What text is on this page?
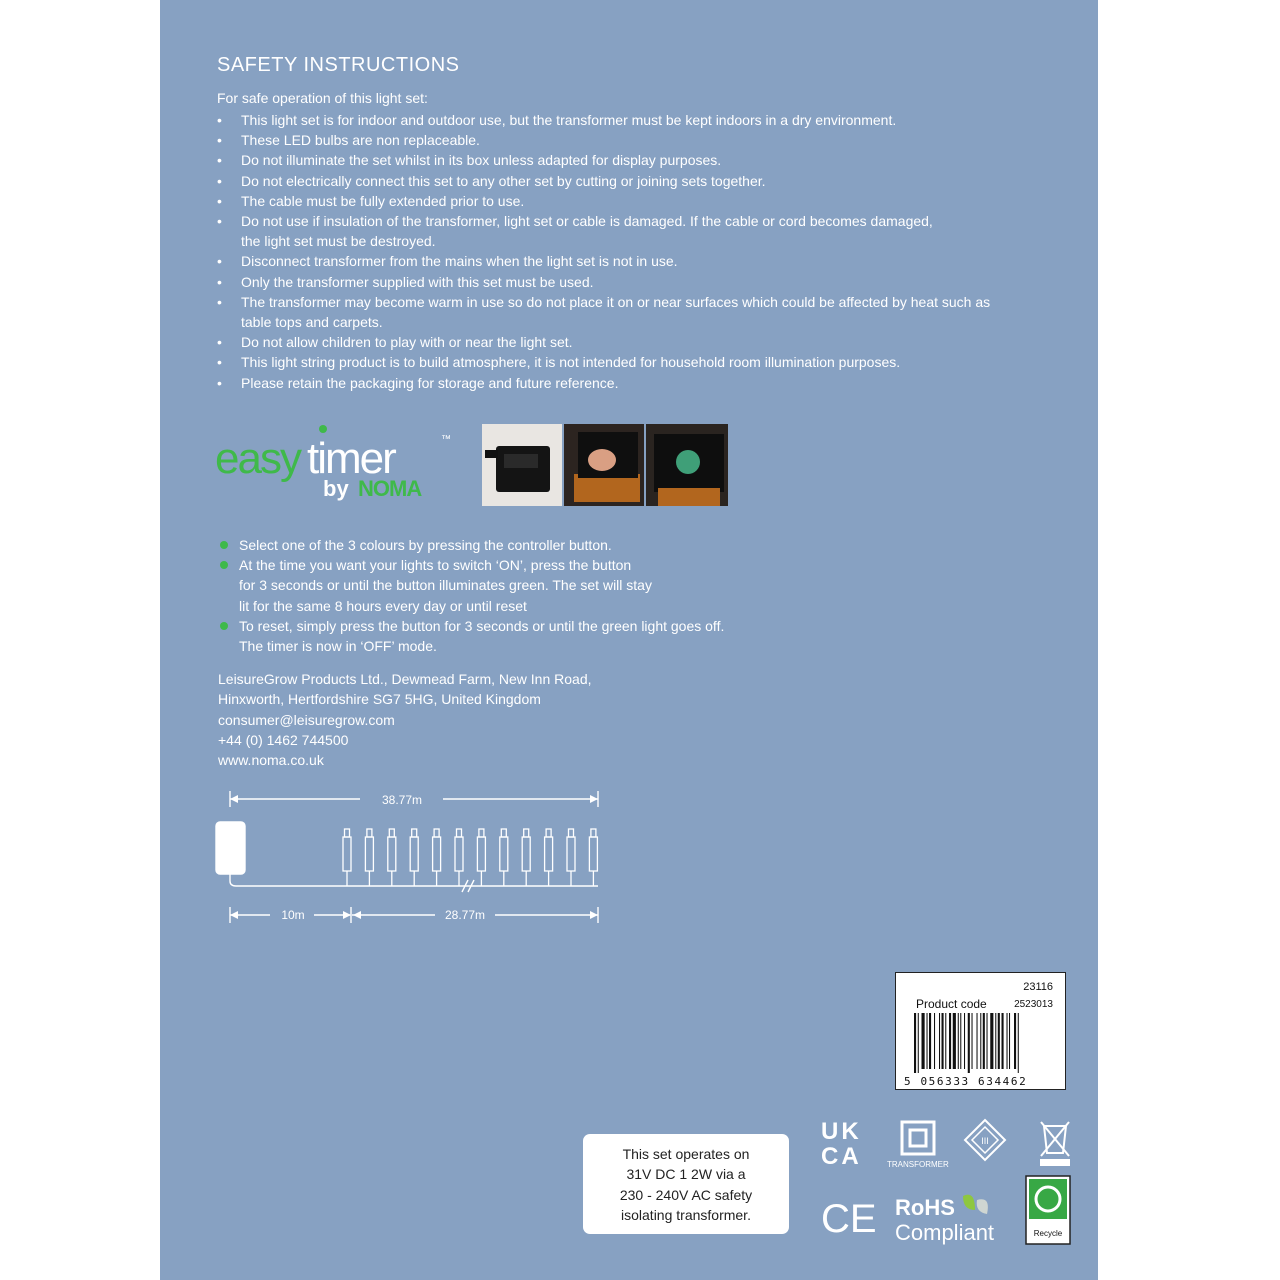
SAFETY INSTRUCTIONS
For safe operation of this light set:
• This light set is for indoor and outdoor use, but the transformer must be kept indoors in a dry environment.
• These LED bulbs are non replaceable.
• Do not illuminate the set whilst in its box unless adapted for display purposes.
• Do not electrically connect this set to any other set by cutting or joining sets together.
• The cable must be fully extended prior to use.
• Do not use if insulation of the transformer, light set or cable is damaged. If the cable or cord becomes damaged,
the light set must be destroyed.
• Disconnect transformer from the mains when the light set is not in use.
• Only the transformer supplied with this set must be used.
• The transformer may become warm in use so do not place it on or near surfaces which could be affected by heat such as
table tops and carpets.
• Do not allow children to play with or near the light set.
• This light string product is to build atmosphere, it is not intended for household room illumination purposes.
• Please retain the packaging for storage and future reference.
easy timer	™
by NOMA
Select one of the 3 colours by pressing the controller button.
At the time you want your lights to switch ‘ON’, press the button
for 3 seconds or until the button illuminates green. The set will stay
lit for the same 8 hours every day or until reset
To reset, simply press the button for 3 seconds or until the green light goes off.
The timer is now in ‘OFF’ mode.
LeisureGrow Products Ltd., Dewmead Farm, New Inn Road,
Hinxworth, Hertfordshire SG7 5HG, United Kingdom
consumer@leisuregrow.com
+44 (0) 1462 744500
www.noma.co.uk
38.77m
10m	28.77m
23116
Product code	2523013
5 056333 634462
This set operates on
31V DC 1 2W via a
230 - 240V AC safety
isolating transformer.
UK
CA	TRANSFORMER
III
CE RoHS
Compliant	Recycle
